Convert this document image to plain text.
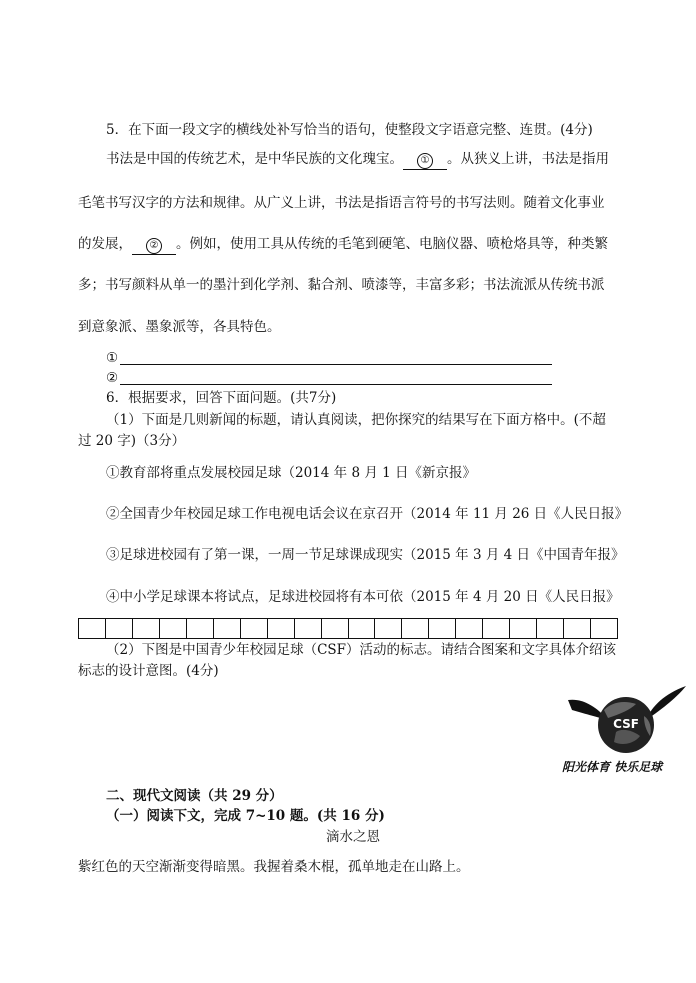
5．在下面一段文字的横线处补写恰当的语句，使整段文字语意完整、连贯。(4分)
书法是中国的传统艺术，是中华民族的文化瑰宝。 ① 。从狭义上讲，书法是指用
毛笔书写汉字的方法和规律。从广义上讲，书法是指语言符号的书写法则。随着文化事业
的发展， ② 。例如，使用工具从传统的毛笔到硬笔、电脑仪器、喷枪烙具等，种类繁
多；书写颜料从单一的墨汁到化学剂、黏合剂、喷漆等，丰富多彩；书法流派从传统书派
到意象派、墨象派等，各具特色。
①
②
6．根据要求，回答下面问题。(共7分)
（1）下面是几则新闻的标题，请认真阅读，把你探究的结果写在下面方格中。(不超
过 20 字)（3分）
①教育部将重点发展校园足球（2014 年 8 月 1 日《新京报》
②全国青少年校园足球工作电视电话会议在京召开（2014 年 11 月 26 日《人民日报》
③足球进校园有了第一课，一周一节足球课成现实（2015 年 3 月 4 日《中国青年报》
④中小学足球课本将试点，足球进校园将有本可依（2015 年 4 月 20 日《人民日报》
（2）下图是中国青少年校园足球（CSF）活动的标志。请结合图案和文字具体介绍该
标志的设计意图。(4分)
CSF
阳光体育 快乐足球
二、现代文阅读（共 29 分）
（一）阅读下文，完成 7~10 题。(共 16 分)
滴水之恩
紫红色的天空渐渐变得暗黑。我握着桑木棍，孤单地走在山路上。
